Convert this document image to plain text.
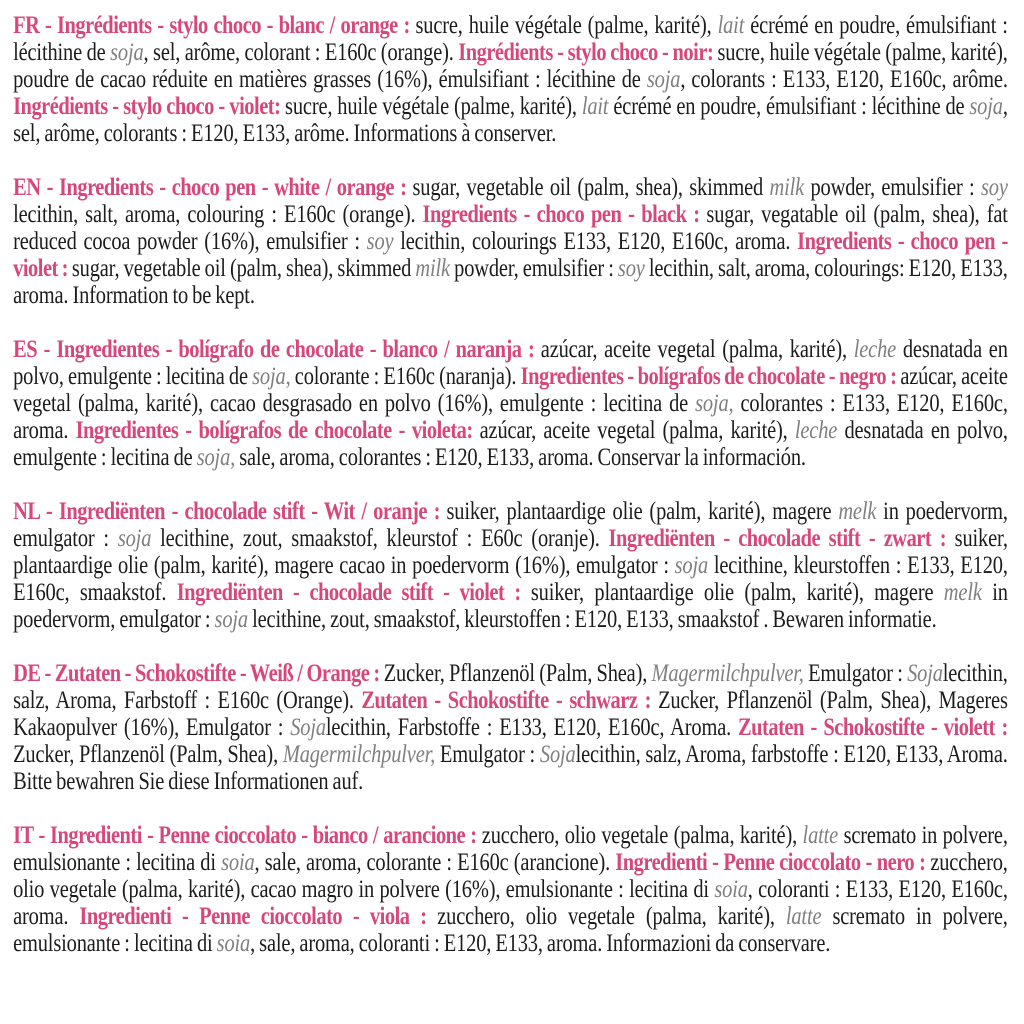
FR - Ingrédients - stylo choco - blanc / orange : sucre, huile végétale (palme, karité), lait écrémé en poudre, émulsifiant : lécithine de soja, sel, arôme, colorant : E160c (orange). Ingrédients - stylo choco - noir: sucre, huile végétale (palme, karité), poudre de cacao réduite en matières grasses (16%), émulsifiant : lécithine de soja, colorants : E133, E120, E160c, arôme. Ingrédients - stylo choco - violet: sucre, huile végétale (palme, karité), lait écrémé en poudre, émulsifiant : lécithine de soja, sel, arôme, colorants : E120, E133, arôme. Informations à conserver.

EN - Ingredients - choco pen - white / orange : sugar, vegetable oil (palm, shea), skimmed milk powder, emulsifier : soy lecithin, salt, aroma, colouring : E160c (orange). Ingredients - choco pen - black : sugar, vegatable oil (palm, shea), fat reduced cocoa powder (16%), emulsifier : soy lecithin, colourings E133, E120, E160c, aroma. Ingredients - choco pen - violet : sugar, vegetable oil (palm, shea), skimmed milk powder, emulsifier : soy lecithin, salt, aroma, colourings: E120, E133, aroma. Information to be kept.

ES - Ingredientes - bolígrafo de chocolate - blanco / naranja : azúcar, aceite vegetal (palma, karité), leche desnatada en polvo, emulgente : lecitina de soja, colorante : E160c (naranja). Ingredientes - bolígrafos de chocolate - negro : azúcar, aceite vegetal (palma, karité), cacao desgrasado en polvo (16%), emulgente : lecitina de soja, colorantes : E133, E120, E160c, aroma. Ingredientes - bolígrafos de chocolate - violeta: azúcar, aceite vegetal (palma, karité), leche desnatada en polvo, emulgente : lecitina de soja, sale, aroma, colorantes : E120, E133, aroma. Conservar la información.

NL - Ingrediënten - chocolade stift - Wit / oranje : suiker, plantaardige olie (palm, karité), magere melk in poedervorm, emulgator : soja lecithine, zout, smaakstof, kleurstof : E60c (oranje). Ingrediënten - chocolade stift - zwart : suiker, plantaardige olie (palm, karité), magere cacao in poedervorm (16%), emulgator : soja lecithine, kleurstoffen : E133, E120, E160c, smaakstof. Ingrediënten - chocolade stift - violet : suiker, plantaardige olie (palm, karité), magere melk in poedervorm, emulgator : soja lecithine, zout, smaakstof, kleurstoffen : E120, E133, smaakstof . Bewaren informatie.

DE - Zutaten - Schokostifte - Weiß / Orange : Zucker, Pflanzenöl (Palm, Shea), Magermilchpulver, Emulgator : Sojalecithin, salz, Aroma, Farbstoff : E160c (Orange). Zutaten - Schokostifte - schwarz : Zucker, Pflanzenöl (Palm, Shea), Mageres Kakaopulver (16%), Emulgator : Sojalecithin, Farbstoffe : E133, E120, E160c, Aroma. Zutaten - Schokostifte - violett : Zucker, Pflanzenöl (Palm, Shea), Magermilchpulver, Emulgator : Sojalecithin, salz, Aroma, farbstoffe : E120, E133, Aroma. Bitte bewahren Sie diese Informationen auf.

IT - Ingredienti - Penne cioccolato - bianco / arancione : zucchero, olio vegetale (palma, karité), latte scremato in polvere, emulsionante : lecitina di soia, sale, aroma, colorante : E160c (arancione). Ingredienti - Penne cioccolato - nero : zucchero, olio vegetale (palma, karité), cacao magro in polvere (16%), emulsionante : lecitina di soia, coloranti : E133, E120, E160c, aroma. Ingredienti - Penne cioccolato - viola : zucchero, olio vegetale (palma, karité), latte scremato in polvere, emulsionante : lecitina di soia, sale, aroma, coloranti : E120, E133, aroma. Informazioni da conservare.
